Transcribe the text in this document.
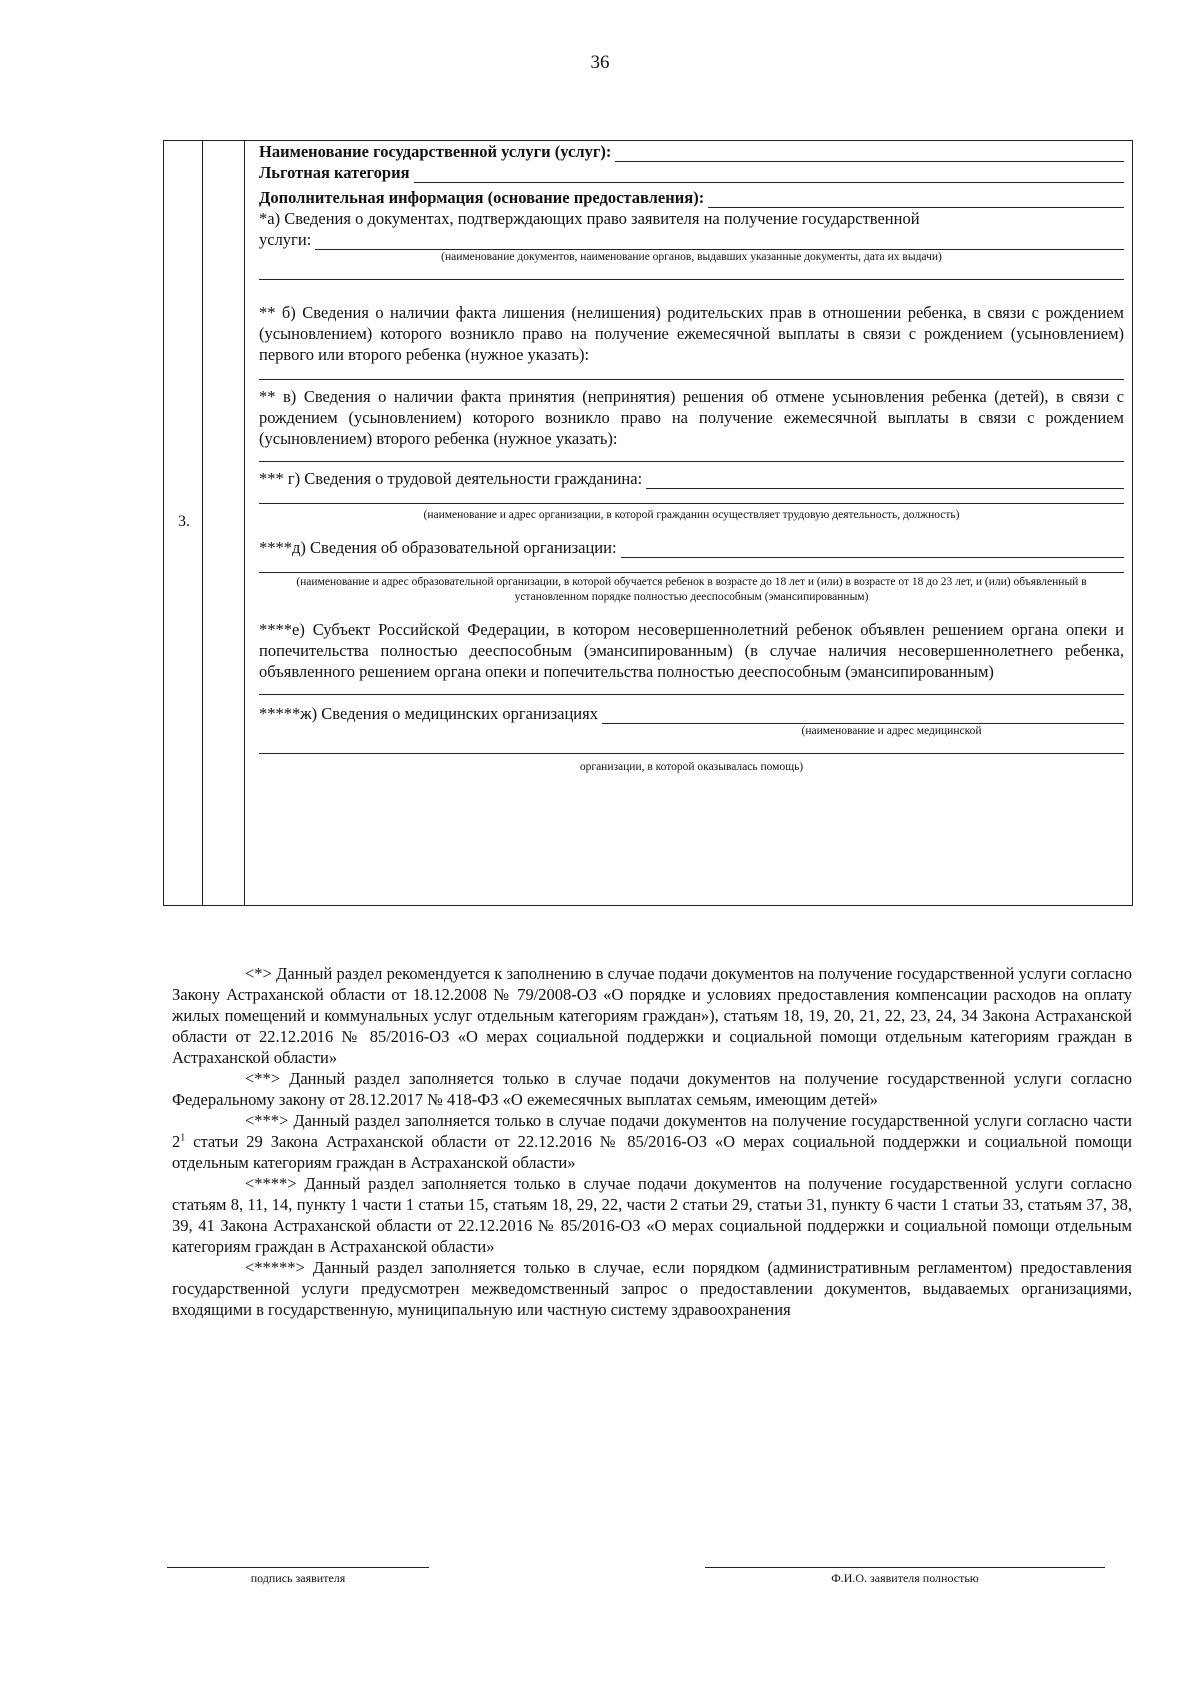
36
3.
Наименование государственной услуги (услуг):
Льготная категория
Дополнительная информация (основание предоставления):
*а) Сведения о документах, подтверждающих право заявителя на получение государственной
услуги:
(наименование документов, наименование органов, выдавших указанные документы, дата их выдачи)
** б) Сведения о наличии факта лишения (нелишения) родительских прав в отношении ребенка, в связи с рождением (усыновлением) которого возникло право на получение ежемесячной выплаты в связи с рождением (усыновлением) первого или второго ребенка (нужное указать):
** в) Сведения о наличии факта принятия (непринятия) решения об отмене усыновления ребенка (детей), в связи с рождением (усыновлением) которого возникло право на получение ежемесячной выплаты в связи с рождением (усыновлением) второго ребенка (нужное указать):
*** г) Сведения о трудовой деятельности гражданина:
(наименование и адрес организации, в которой гражданин осуществляет трудовую деятельность, должность)
****д) Сведения об образовательной организации:
(наименование и адрес образовательной организации, в которой обучается ребенок в возрасте до 18 лет и (или) в возрасте от 18 до 23 лет, и (или) объявленный в установленном порядке полностью дееспособным (эмансипированным)
****е) Субъект Российской Федерации, в котором несовершеннолетний ребенок объявлен решением органа опеки и попечительства полностью дееспособным (эмансипированным) (в случае наличия несовершеннолетнего ребенка, объявленного решением органа опеки и попечительства полностью дееспособным (эмансипированным)
*****ж) Сведения о медицинских организациях
(наименование и адрес медицинской
организации, в которой оказывалась помощь)

<*> Данный раздел рекомендуется к заполнению в случае подачи документов на получение государственной услуги согласно Закону Астраханской области от 18.12.2008 № 79/2008-ОЗ «О порядке и условиях предоставления компенсации расходов на оплату жилых помещений и коммунальных услуг отдельным категориям граждан»), статьям 18, 19, 20, 21, 22, 23, 24, 34 Закона Астраханской области от 22.12.2016 № 85/2016-ОЗ «О мерах социальной поддержки и социальной помощи отдельным категориям граждан в Астраханской области»

<**> Данный раздел заполняется только в случае подачи документов на получение государственной услуги согласно Федеральному закону от 28.12.2017 № 418-ФЗ «О ежемесячных выплатах семьям, имеющим детей»

<***> Данный раздел заполняется только в случае подачи документов на получение государственной услуги согласно части $2^1$ статьи 29 Закона Астраханской области от 22.12.2016 № 85/2016-ОЗ «О мерах социальной поддержки и социальной помощи отдельным категориям граждан в Астраханской области»

<****> Данный раздел заполняется только в случае подачи документов на получение государственной услуги согласно статьям 8, 11, 14, пункту 1 части 1 статьи 15, статьям 18, 29, 22, части 2 статьи 29, статьи 31, пункту 6 части 1 статьи 33, статьям 37, 38, 39, 41 Закона Астраханской области от 22.12.2016 № 85/2016-ОЗ «О мерах социальной поддержки и социальной помощи отдельным категориям граждан в Астраханской области»

<*****> Данный раздел заполняется только в случае, если порядком (административным регламентом) предоставления государственной услуги предусмотрен межведомственный запрос о предоставлении документов, выдаваемых организациями, входящими в государственную, муниципальную или частную систему здравоохранения

подпись заявителя	Ф.И.О. заявителя полностью
